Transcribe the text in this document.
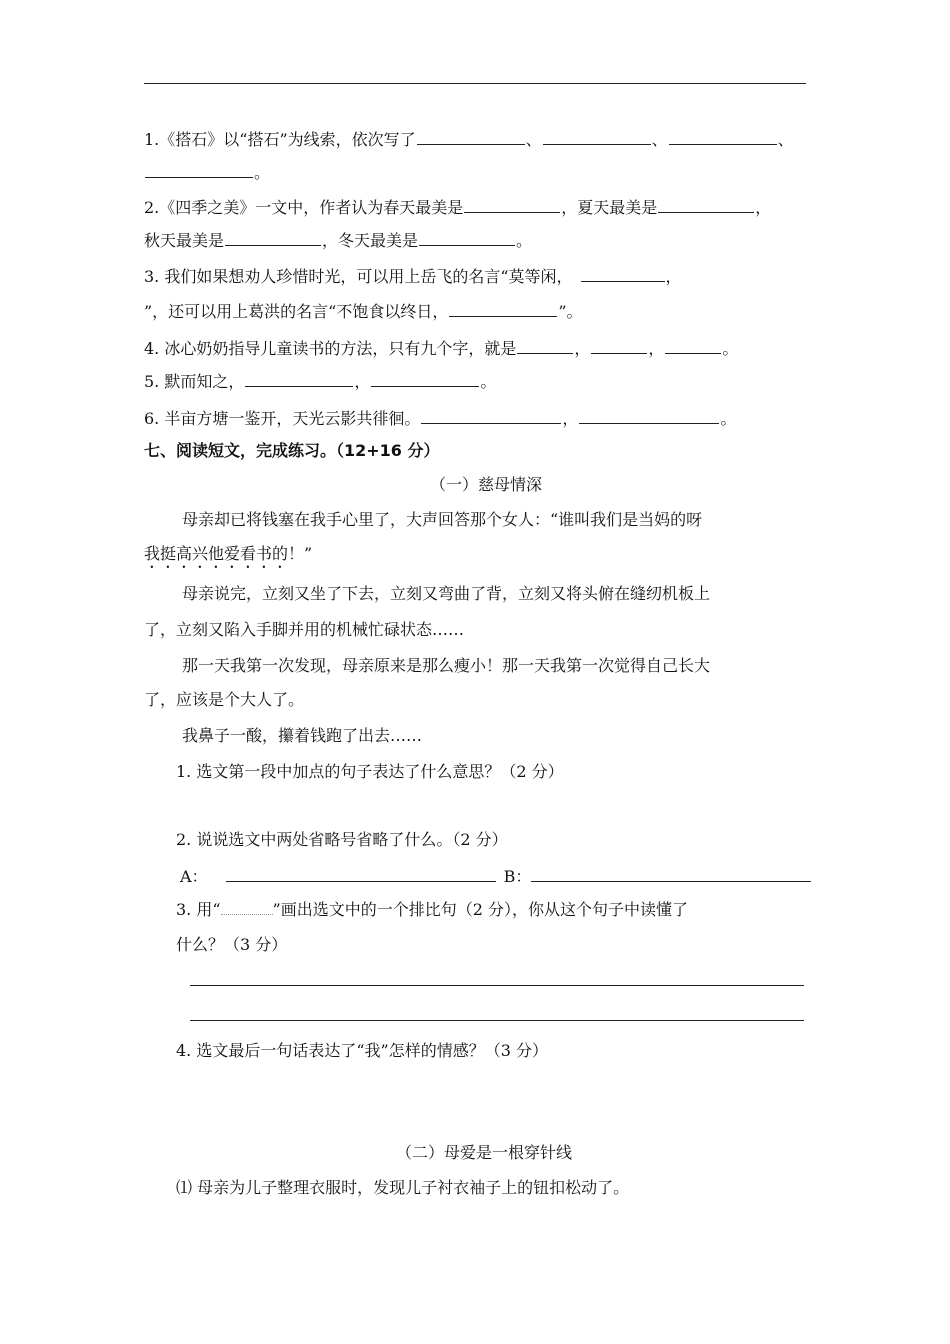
1.《搭石》以“搭石”为线索，依次写了	、	、	、
。
2.《四季之美》一文中，作者认为春天最美是	，夏天最美是	，
秋天最美是	，冬天最美是	。
3. 我们如果想劝人珍惜时光，可以用上岳飞的名言“莫等闲，	，
”，还可以用上葛洪的名言“不饱食以终日，	”。
4. 冰心奶奶指导儿童读书的方法，只有九个字，就是	，	，	。
5. 默而知之，	，	。
6. 半亩方塘一鉴开，天光云影共徘徊。	，	。
七、阅读短文，完成练习。（12+16 分）
（一）慈母情深
母亲却已将钱塞在我手心里了，大声回答那个女人：“谁叫我们是当妈的呀
我挺高兴他爱看书的！”
母亲说完，立刻又坐了下去，立刻又弯曲了背，立刻又将头俯在缝纫机板上
了，立刻又陷入手脚并用的机械忙碌状态……
那一天我第一次发现，母亲原来是那么瘦小！那一天我第一次觉得自己长大
了，应该是个大人了。
我鼻子一酸，攥着钱跑了出去……
1. 选文第一段中加点的句子表达了什么意思？（2 分）
2. 说说选文中两处省略号省略了什么。（2 分）
A：	B：
3. 用“	”画出选文中的一个排比句（2 分），你从这个句子中读懂了
什么？（3 分）
4. 选文最后一句话表达了“我”怎样的情感？（3 分）
（二）母爱是一根穿针线
⑴ 母亲为儿子整理衣服时，发现儿子衬衣袖子上的钮扣松动了。
